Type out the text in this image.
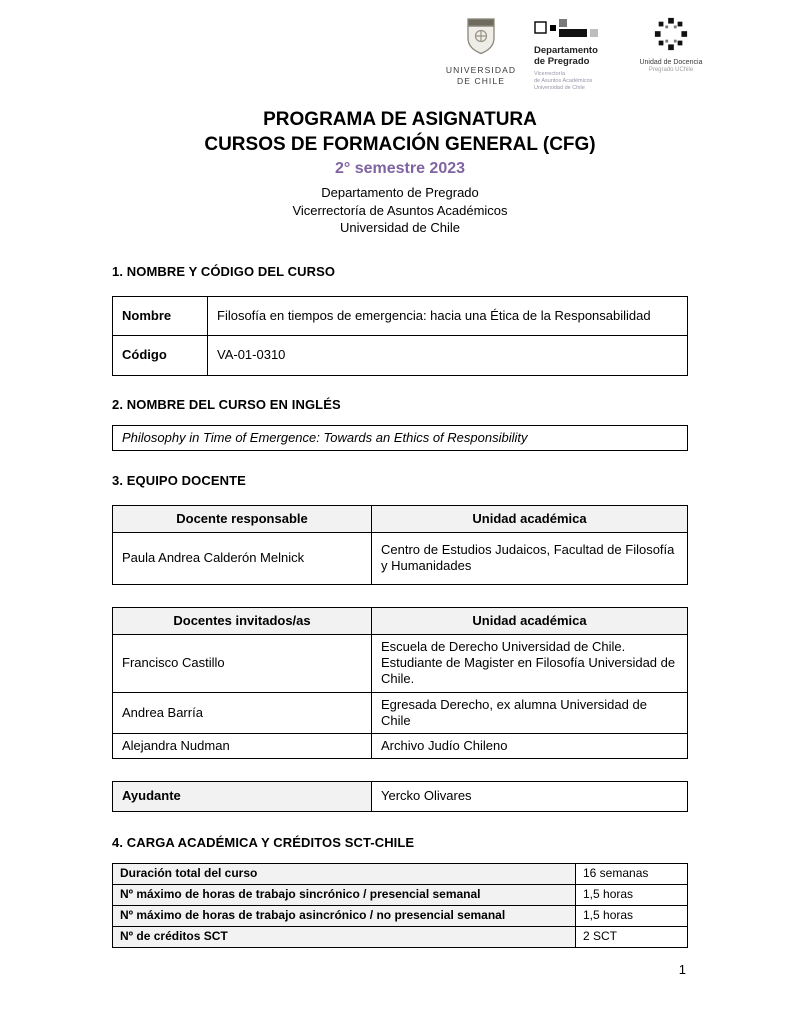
UNIVERSIDAD
DE CHILE
Departamento
de Pregrado
Vicerrectoría
de Asuntos Académicos
Universidad de Chile
Unidad de Docencia
Pregrado UChile
PROGRAMA DE ASIGNATURA
CURSOS DE FORMACIÓN GENERAL (CFG)
2° semestre 2023
Departamento de Pregrado
Vicerrectoría de Asuntos Académicos
Universidad de Chile
1. NOMBRE Y CÓDIGO DEL CURSO
Nombre	Filosofía en tiempos de emergencia: hacia una Ética de la Responsabilidad
Código	VA-01-0310
2. NOMBRE DEL CURSO EN INGLÉS
Philosophy in Time of Emergence: Towards an Ethics of Responsibility
3. EQUIPO DOCENTE
Docente responsable	Unidad académica
Paula Andrea Calderón Melnick	Centro de Estudios Judaicos, Facultad de Filosofía y Humanidades
Docentes invitados/as	Unidad académica
Francisco Castillo	Escuela de Derecho Universidad de Chile. Estudiante de Magister en Filosofía Universidad de Chile.
Andrea Barría	Egresada Derecho, ex alumna Universidad de Chile
Alejandra Nudman	Archivo Judío Chileno
Ayudante	Yercko Olivares
4. CARGA ACADÉMICA Y CRÉDITOS SCT-CHILE
Duración total del curso	16 semanas
Nº máximo de horas de trabajo sincrónico / presencial semanal	1,5 horas
Nº máximo de horas de trabajo asincrónico / no presencial semanal	1,5 horas
Nº de créditos SCT	2 SCT
1
